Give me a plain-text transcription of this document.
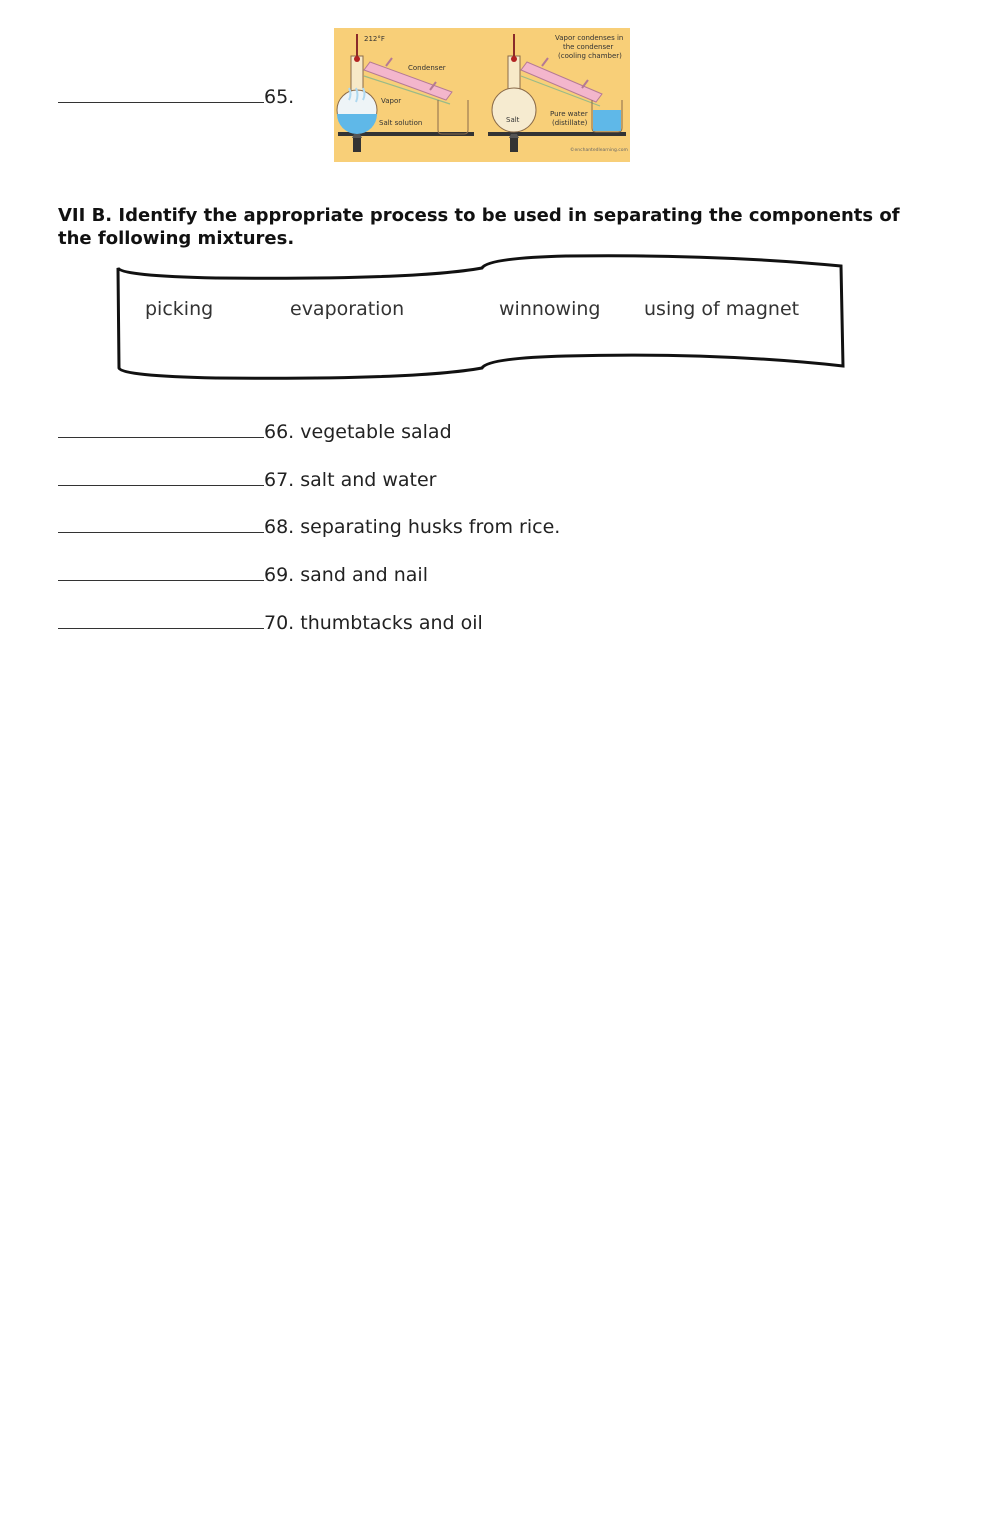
65.
212°F
Condenser
Vapor
Salt solution
Vapor condenses in
the condenser
(cooling chamber)
Salt
Pure water
(distillate)
©enchantedlearning.com
VII B. Identify the appropriate process to be used in separating the components of the following mixtures.
picking	evaporation	winnowing using of magnet
66. vegetable salad
67. salt and water
68. separating husks from rice.
69. sand and nail
70. thumbtacks and oil
